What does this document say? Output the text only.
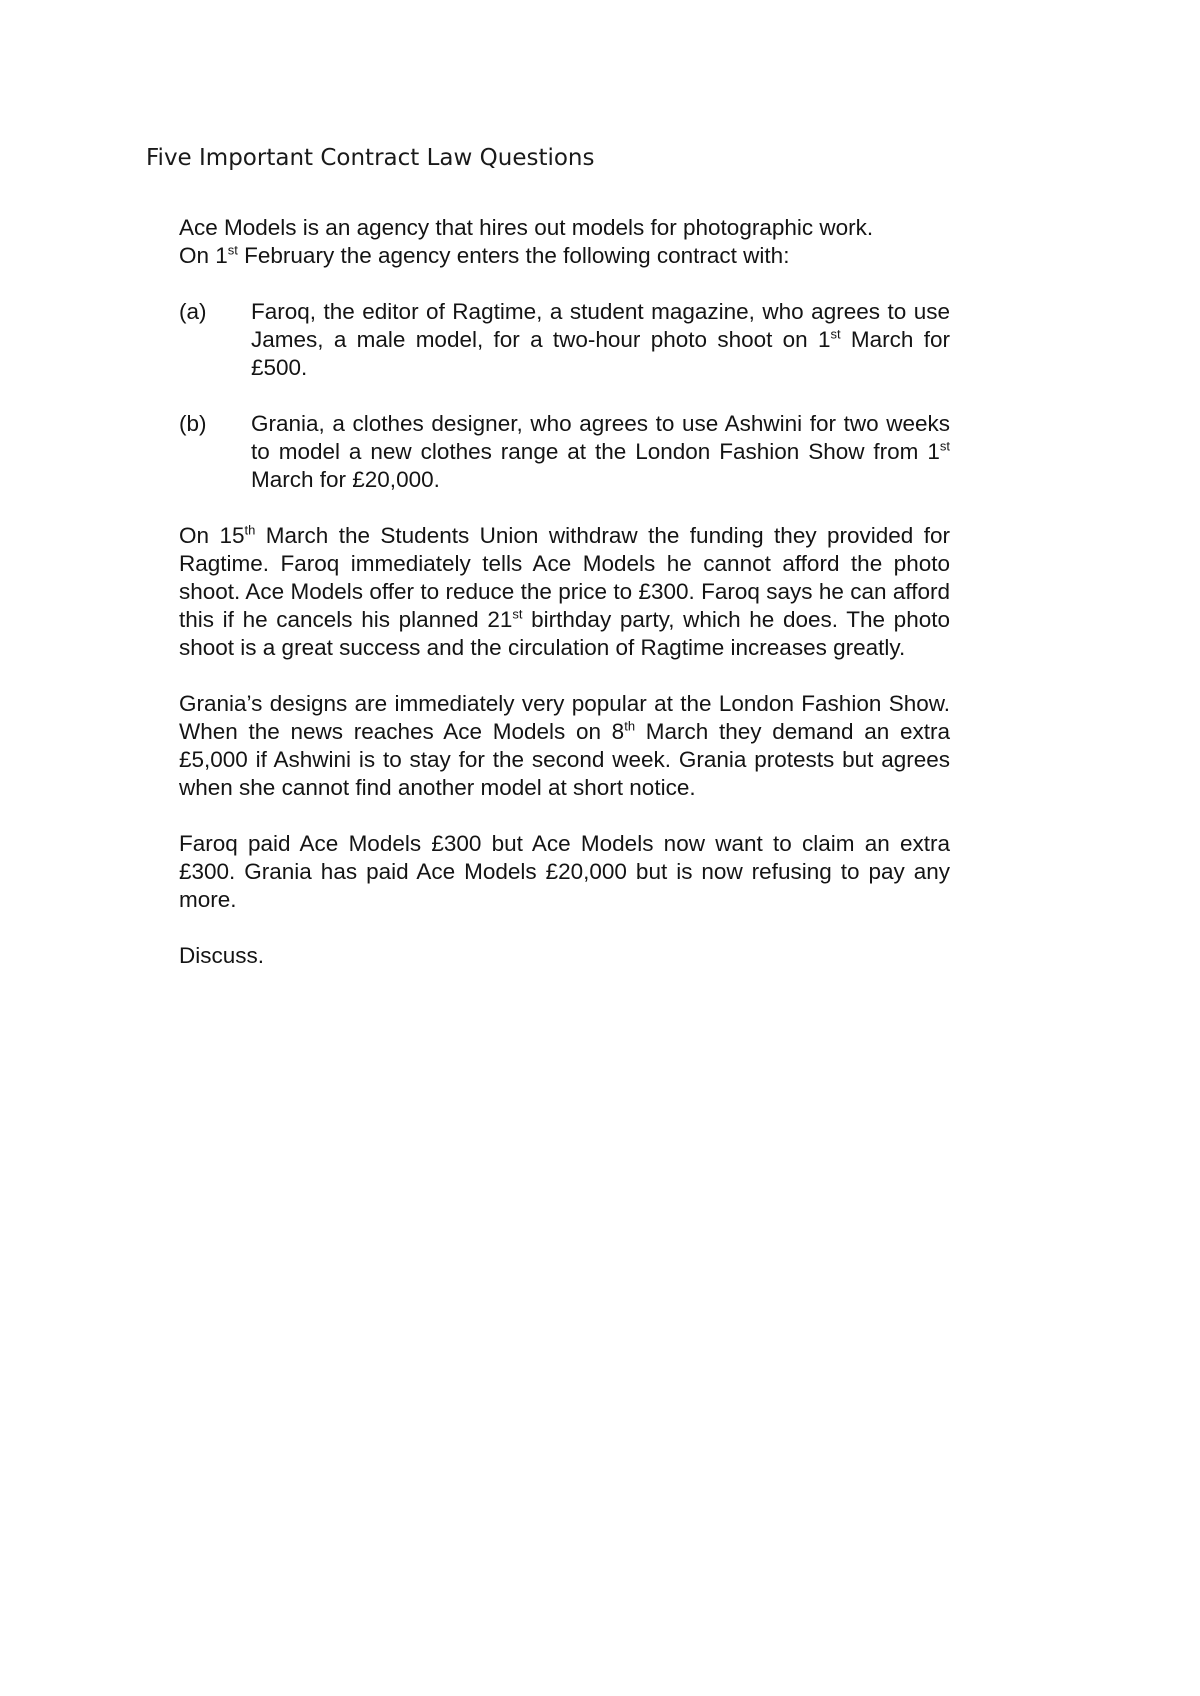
Five Important Contract Law Questions

Ace Models is an agency that hires out models for photographic work.
On 1st February the agency enters the following contract with:

(a)	Faroq, the editor of Ragtime, a student magazine, who agrees to use James, a male model, for a two-hour photo shoot on 1st March for £500.
(b)	Grania, a clothes designer, who agrees to use Ashwini for two weeks to model a new clothes range at the London Fashion Show from 1st March for £20,000.

On 15th March the Students Union withdraw the funding they provided for Ragtime. Faroq immediately tells Ace Models he cannot afford the photo shoot. Ace Models offer to reduce the price to £300. Faroq says he can afford this if he cancels his planned 21st birthday party, which he does. The photo shoot is a great success and the circulation of Ragtime increases greatly.

Grania’s designs are immediately very popular at the London Fashion Show. When the news reaches Ace Models on 8th March they demand an extra £5,000 if Ashwini is to stay for the second week. Grania protests but agrees when she cannot find another model at short notice.

Faroq paid Ace Models £300 but Ace Models now want to claim an extra £300. Grania has paid Ace Models £20,000 but is now refusing to pay any more.

Discuss.
